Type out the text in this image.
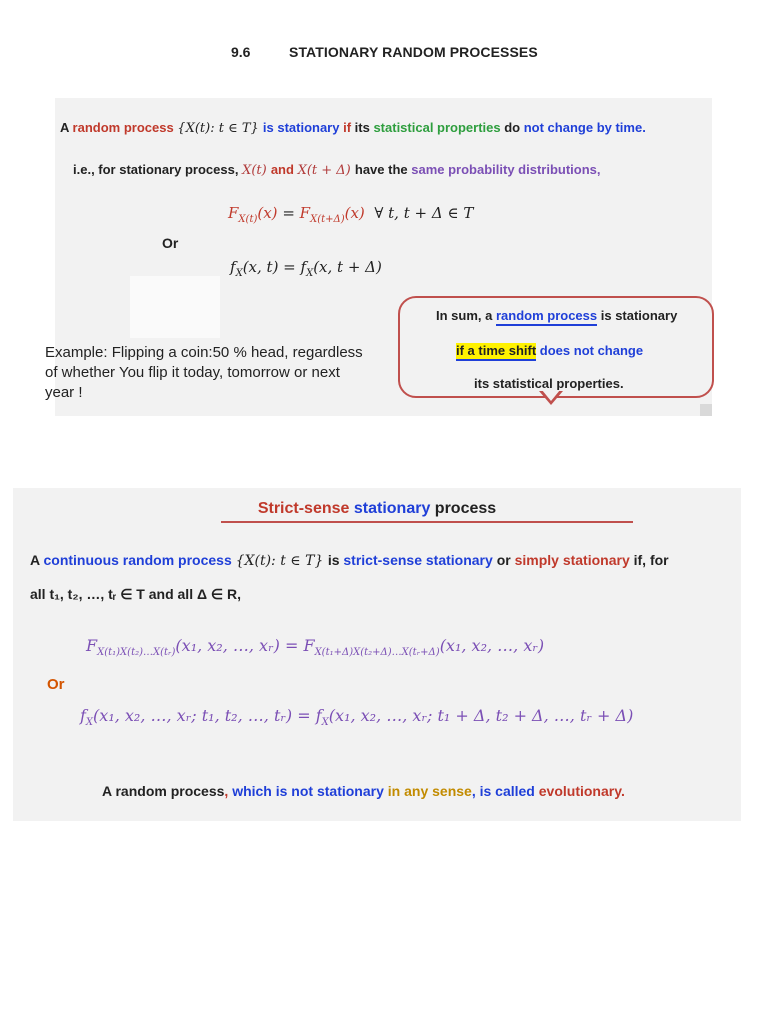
9.6	STATIONARY RANDOM PROCESSES
A random process {X(t): t ∈ T} is stationary if its statistical properties do not change by time.
i.e., for stationary process, X(t) and X(t + Δ) have the same probability distributions,
$F_{X(t)}(x) = F_{X(t+\Delta)}(x)$  ∀ t, t + Δ ∈ T
Or
$f_X(x$, $t) = f_X(x$, t + Δ)
In sum, a random process is stationary
if a time shift does not change
its statistical properties.
Example: Flipping a coin:50 % head, regardless of whether You flip it today, tomorrow or next year !
Strict-sense stationary process
A continuous random process {X(t): t ∈ T} is strict-sense stationary or simply stationary if, for
all t₁, t₂, …, tᵣ ∈ T and all Δ ∈ R,
$F_{X(t_1)X(t_2)\dots X(tᵣ)}(x_1$, x₂, …, xᵣ) = $F_{X(t_1+\Delta)X(t_2+\Delta)\dots X(tᵣ+\Delta)}(x_1$, x₂, …, xᵣ)
Or
$f_X(x_1$, x₂, …, xᵣ; t₁, t₂, …, tᵣ) = $f_X(x_1$, x₂, …, xᵣ; t₁ + Δ, t₂ + Δ, …, tᵣ + Δ)
A random process, which is not stationary in any sense, is called evolutionary.
